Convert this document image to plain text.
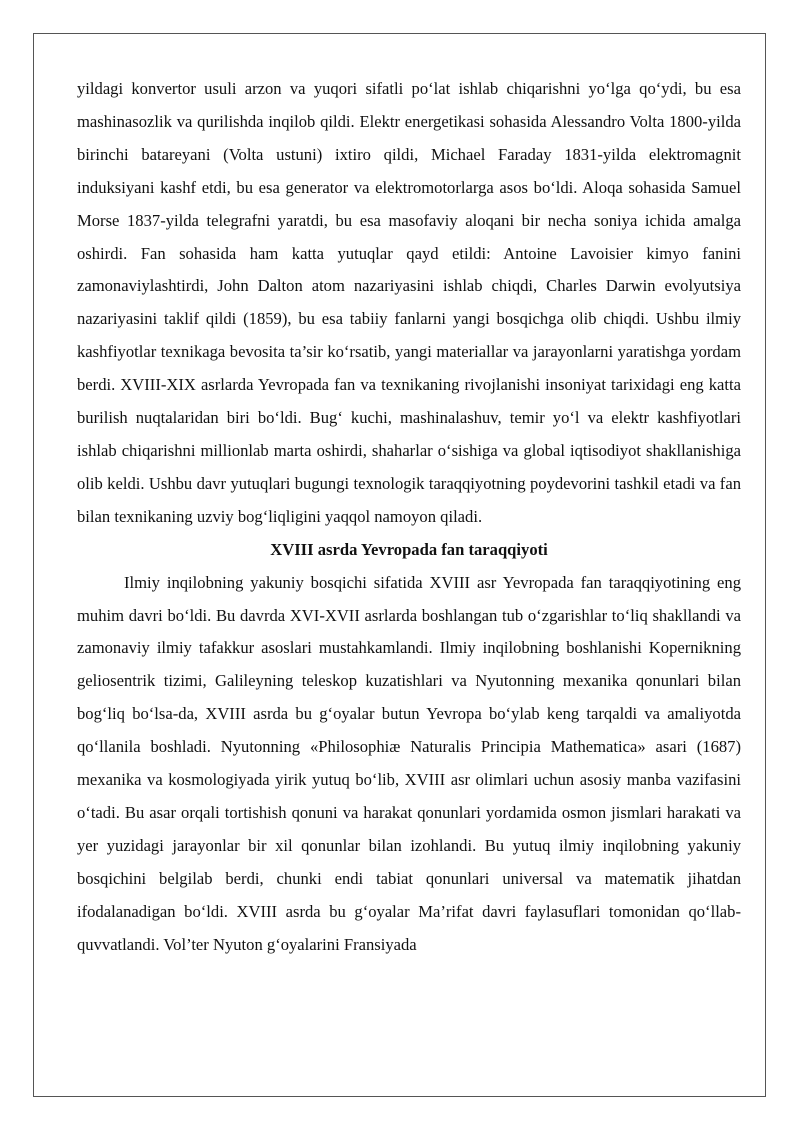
yildagi konvertor usuli arzon va yuqori sifatli po‘lat ishlab chiqarishni yo‘lga qo‘ydi, bu esa mashinasozlik va qurilishda inqilob qildi. Elektr energetikasi sohasida Alessandro Volta 1800-yilda birinchi batareyani (Volta ustuni) ixtiro qildi, Michael Faraday 1831-yilda elektromagnit induksiyani kashf etdi, bu esa generator va elektromotorlarga asos bo‘ldi. Aloqa sohasida Samuel Morse 1837-yilda telegrafni yaratdi, bu esa masofaviy aloqani bir necha soniya ichida amalga oshirdi. Fan sohasida ham katta yutuqlar qayd etildi: Antoine Lavoisier kimyo fanini zamonaviylashtirdi, John Dalton atom nazariyasini ishlab chiqdi, Charles Darwin evolyutsiya nazariyasini taklif qildi (1859), bu esa tabiiy fanlarni yangi bosqichga olib chiqdi. Ushbu ilmiy kashfiyotlar texnikaga bevosita ta’sir ko‘rsatib, yangi materiallar va jarayonlarni yaratishga yordam berdi. XVIII-XIX asrlarda Yevropada fan va texnikaning rivojlanishi insoniyat tarixidagi eng katta burilish nuqtalaridan biri bo‘ldi. Bug‘ kuchi, mashinalashuv, temir yo‘l va elektr kashfiyotlari ishlab chiqarishni millionlab marta oshirdi, shaharlar o‘sishiga va global iqtisodiyot shakllanishiga olib keldi. Ushbu davr yutuqlari bugungi texnologik taraqqiyotning poydevorini tashkil etadi va fan bilan texnikaning uzviy bog‘liqligini yaqqol namoyon qiladi.

XVIII asrda Yevropada fan taraqqiyoti

Ilmiy inqilobning yakuniy bosqichi sifatida XVIII asr Yevropada fan taraqqiyotining eng muhim davri bo‘ldi. Bu davrda XVI-XVII asrlarda boshlangan tub o‘zgarishlar to‘liq shakllandi va zamonaviy ilmiy tafakkur asoslari mustahkamlandi. Ilmiy inqilobning boshlanishi Kopernikning geliosentrik tizimi, Galileyning teleskop kuzatishlari va Nyutonning mexanika qonunlari bilan bog‘liq bo‘lsa-da, XVIII asrda bu g‘oyalar butun Yevropa bo‘ylab keng tarqaldi va amaliyotda qo‘llanila boshladi. Nyutonning «Philosophiæ Naturalis Principia Mathematica» asari (1687) mexanika va kosmologiyada yirik yutuq bo‘lib, XVIII asr olimlari uchun asosiy manba vazifasini o‘tadi. Bu asar orqali tortishish qonuni va harakat qonunlari yordamida osmon jismlari harakati va yer yuzidagi jarayonlar bir xil qonunlar bilan izohlandi. Bu yutuq ilmiy inqilobning yakuniy bosqichini belgilab berdi, chunki endi tabiat qonunlari universal va matematik jihatdan ifodalanadigan bo‘ldi. XVIII asrda bu g‘oyalar Ma’rifat davri faylasuflari tomonidan qo‘llab-quvvatlandi. Vol’ter Nyuton g‘oyalarini Fransiyada
